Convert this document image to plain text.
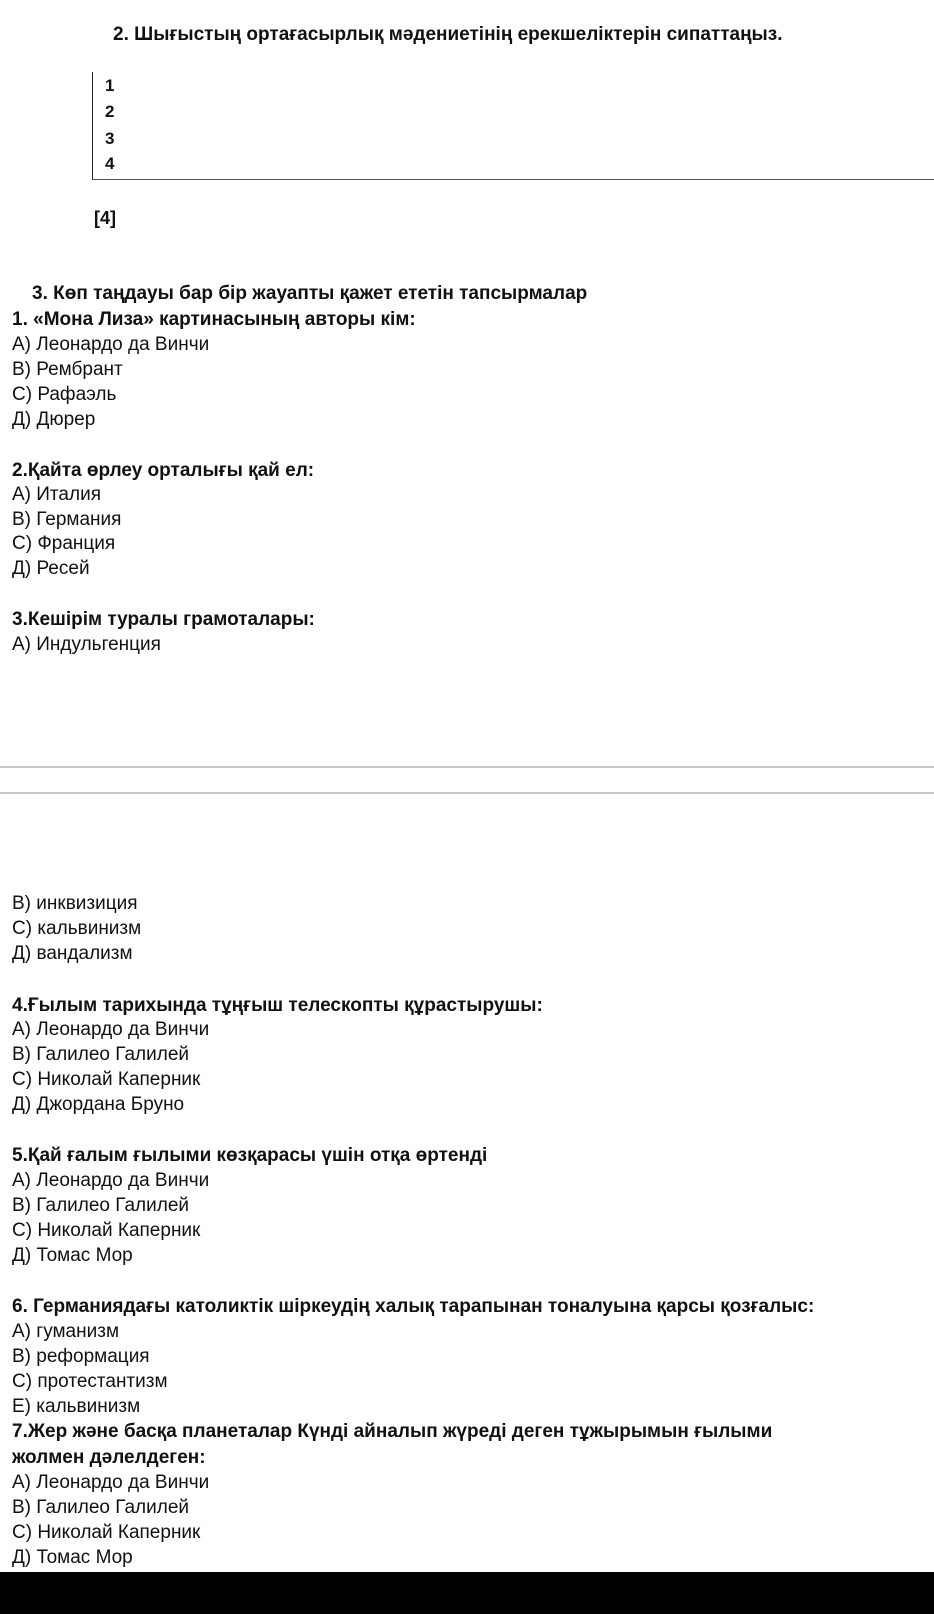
2. Шығыстың ортағасырлық мәдениетінің ерекшеліктерін сипаттаңыз.
1
2
3
4
[4]
3. Көп таңдауы бар бір жауапты қажет ететін тапсырмалар
1. «Мона Лиза» картинасының авторы кім:
А) Леонардо да Винчи
В) Рембрант
С) Рафаэль
Д) Дюрер
2.Қайта өрлеу орталығы қай ел:
А) Италия
В) Германия
С) Франция
Д) Ресей
3.Кешірім туралы грамоталары:
А) Индульгенция
В) инквизиция
С) кальвинизм
Д) вандализм
4.Ғылым тарихында тұңғыш телескопты құрастырушы:
А) Леонардо да Винчи
В) Галилео Галилей
С) Николай Каперник
Д) Джордана Бруно
5.Қай ғалым ғылыми көзқарасы үшін отқа өртенді
А) Леонардо да Винчи
В) Галилео Галилей
С) Николай Каперник
Д) Томас Мор
6. Германиядағы католиктік шіркеудің халық тарапынан тоналуына қарсы қозғалыс:
А) гуманизм
В) реформация
С) протестантизм
Е) кальвинизм
7.Жер және басқа планеталар Күнді айналып жүреді деген тұжырымын ғылыми
жолмен дәлелдеген:
А) Леонардо да Винчи
В) Галилео Галилей
С) Николай Каперник
Д) Томас Мор
